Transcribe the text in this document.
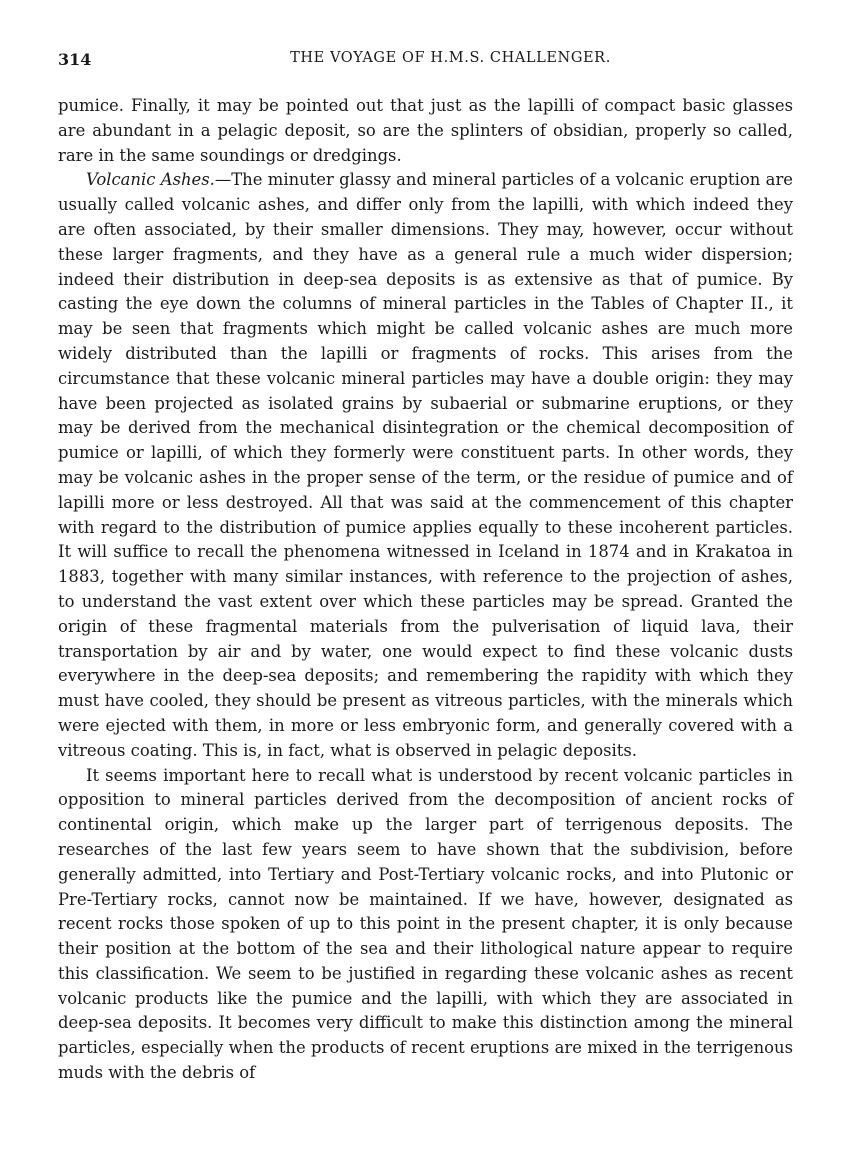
314	THE VOYAGE OF H.M.S. CHALLENGER.

pumice. Finally, it may be pointed out that just as the lapilli of compact basic glasses are abundant in a pelagic deposit, so are the splinters of obsidian, properly so called, rare in the same soundings or dredgings.

Volcanic Ashes.—The minuter glassy and mineral particles of a volcanic eruption are usually called volcanic ashes, and differ only from the lapilli, with which indeed they are often associated, by their smaller dimensions. They may, however, occur without these larger fragments, and they have as a general rule a much wider dispersion; indeed their distribution in deep-sea deposits is as extensive as that of pumice. By casting the eye down the columns of mineral particles in the Tables of Chapter II., it may be seen that fragments which might be called volcanic ashes are much more widely distributed than the lapilli or fragments of rocks. This arises from the circumstance that these volcanic mineral particles may have a double origin: they may have been projected as isolated grains by subaerial or submarine eruptions, or they may be derived from the mechanical disintegration or the chemical decomposition of pumice or lapilli, of which they formerly were constituent parts. In other words, they may be volcanic ashes in the proper sense of the term, or the residue of pumice and of lapilli more or less destroyed. All that was said at the commencement of this chapter with regard to the distribution of pumice applies equally to these incoherent particles. It will suffice to recall the phenomena witnessed in Iceland in 1874 and in Krakatoa in 1883, together with many similar instances, with reference to the projection of ashes, to understand the vast extent over which these particles may be spread. Granted the origin of these fragmental materials from the pulverisation of liquid lava, their transportation by air and by water, one would expect to find these volcanic dusts everywhere in the deep-sea deposits; and remembering the rapidity with which they must have cooled, they should be present as vitreous particles, with the minerals which were ejected with them, in more or less embryonic form, and generally covered with a vitreous coating. This is, in fact, what is observed in pelagic deposits.

It seems important here to recall what is understood by recent volcanic particles in opposition to mineral particles derived from the decomposition of ancient rocks of continental origin, which make up the larger part of terrigenous deposits. The researches of the last few years seem to have shown that the subdivision, before generally admitted, into Tertiary and Post-Tertiary volcanic rocks, and into Plutonic or Pre-Tertiary rocks, cannot now be maintained. If we have, however, designated as recent rocks those spoken of up to this point in the present chapter, it is only because their position at the bottom of the sea and their lithological nature appear to require this classification. We seem to be justified in regarding these volcanic ashes as recent volcanic products like the pumice and the lapilli, with which they are associated in deep-sea deposits. It becomes very difficult to make this distinction among the mineral particles, especially when the products of recent eruptions are mixed in the terrigenous muds with the debris of
